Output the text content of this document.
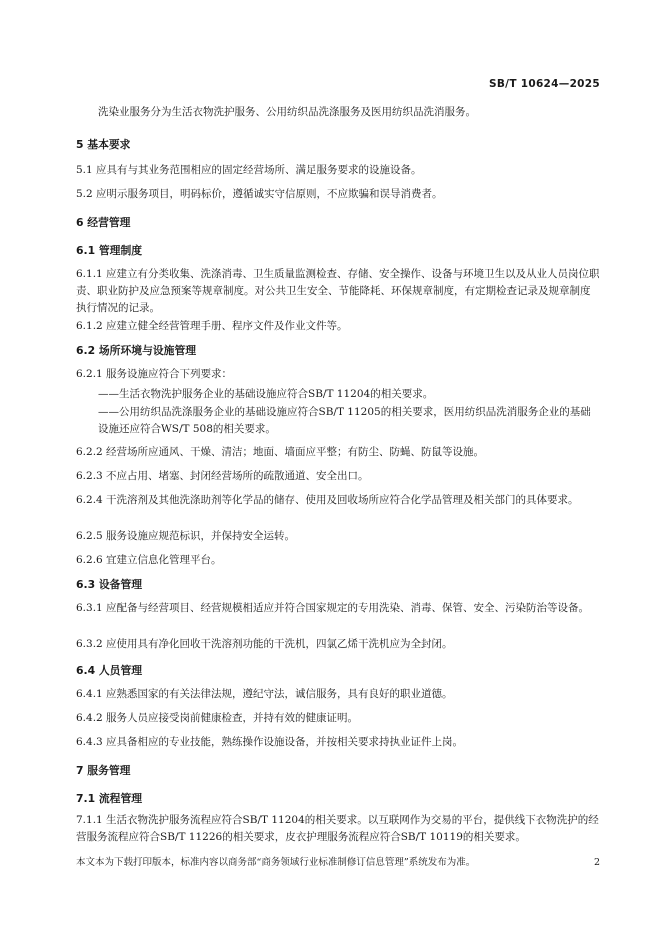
SB/T 10624—2025
洗染业服务分为生活衣物洗护服务、公用纺织品洗涤服务及医用纺织品洗消服务。
5 基本要求
5.1 应具有与其业务范围相应的固定经营场所、满足服务要求的设施设备。
5.2 应明示服务项目，明码标价，遵循诚实守信原则，不应欺骗和误导消费者。
6 经营管理
6.1 管理制度
6.1.1 应建立有分类收集、洗涤消毒、卫生质量监测检查、存储、安全操作、设备与环境卫生以及从业人员岗位职责、职业防护及应急预案等规章制度。对公共卫生安全、节能降耗、环保规章制度，有定期检查记录及规章制度执行情况的记录。
6.1.2 应建立健全经营管理手册、程序文件及作业文件等。
6.2 场所环境与设施管理
6.2.1 服务设施应符合下列要求：
——生活衣物洗护服务企业的基础设施应符合SB/T 11204的相关要求。
——公用纺织品洗涤服务企业的基础设施应符合SB/T 11205的相关要求，医用纺织品洗消服务企业的基础设施还应符合WS/T 508的相关要求。
6.2.2 经营场所应通风、干燥、清洁；地面、墙面应平整；有防尘、防蝇、防鼠等设施。
6.2.3 不应占用、堵塞、封闭经营场所的疏散通道、安全出口。
6.2.4 干洗溶剂及其他洗涤助剂等化学品的储存、使用及回收场所应符合化学品管理及相关部门的具体要求。
6.2.5 服务设施应规范标识，并保持安全运转。
6.2.6 宜建立信息化管理平台。
6.3 设备管理
6.3.1 应配备与经营项目、经营规模相适应并符合国家规定的专用洗染、消毒、保管、安全、污染防治等设备。
6.3.2 应使用具有净化回收干洗溶剂功能的干洗机，四氯乙烯干洗机应为全封闭。
6.4 人员管理
6.4.1 应熟悉国家的有关法律法规，遵纪守法，诚信服务，具有良好的职业道德。
6.4.2 服务人员应接受岗前健康检查，并持有效的健康证明。
6.4.3 应具备相应的专业技能，熟练操作设施设备，并按相关要求持执业证件上岗。
7 服务管理
7.1 流程管理
7.1.1 生活衣物洗护服务流程应符合SB/T 11204的相关要求。以互联网作为交易的平台，提供线下衣物洗护的经营服务流程应符合SB/T 11226的相关要求，皮衣护理服务流程应符合SB/T 10119的相关要求。
本文本为下载打印版本，标准内容以商务部“商务领域行业标准制修订信息管理”系统发布为准。	2
